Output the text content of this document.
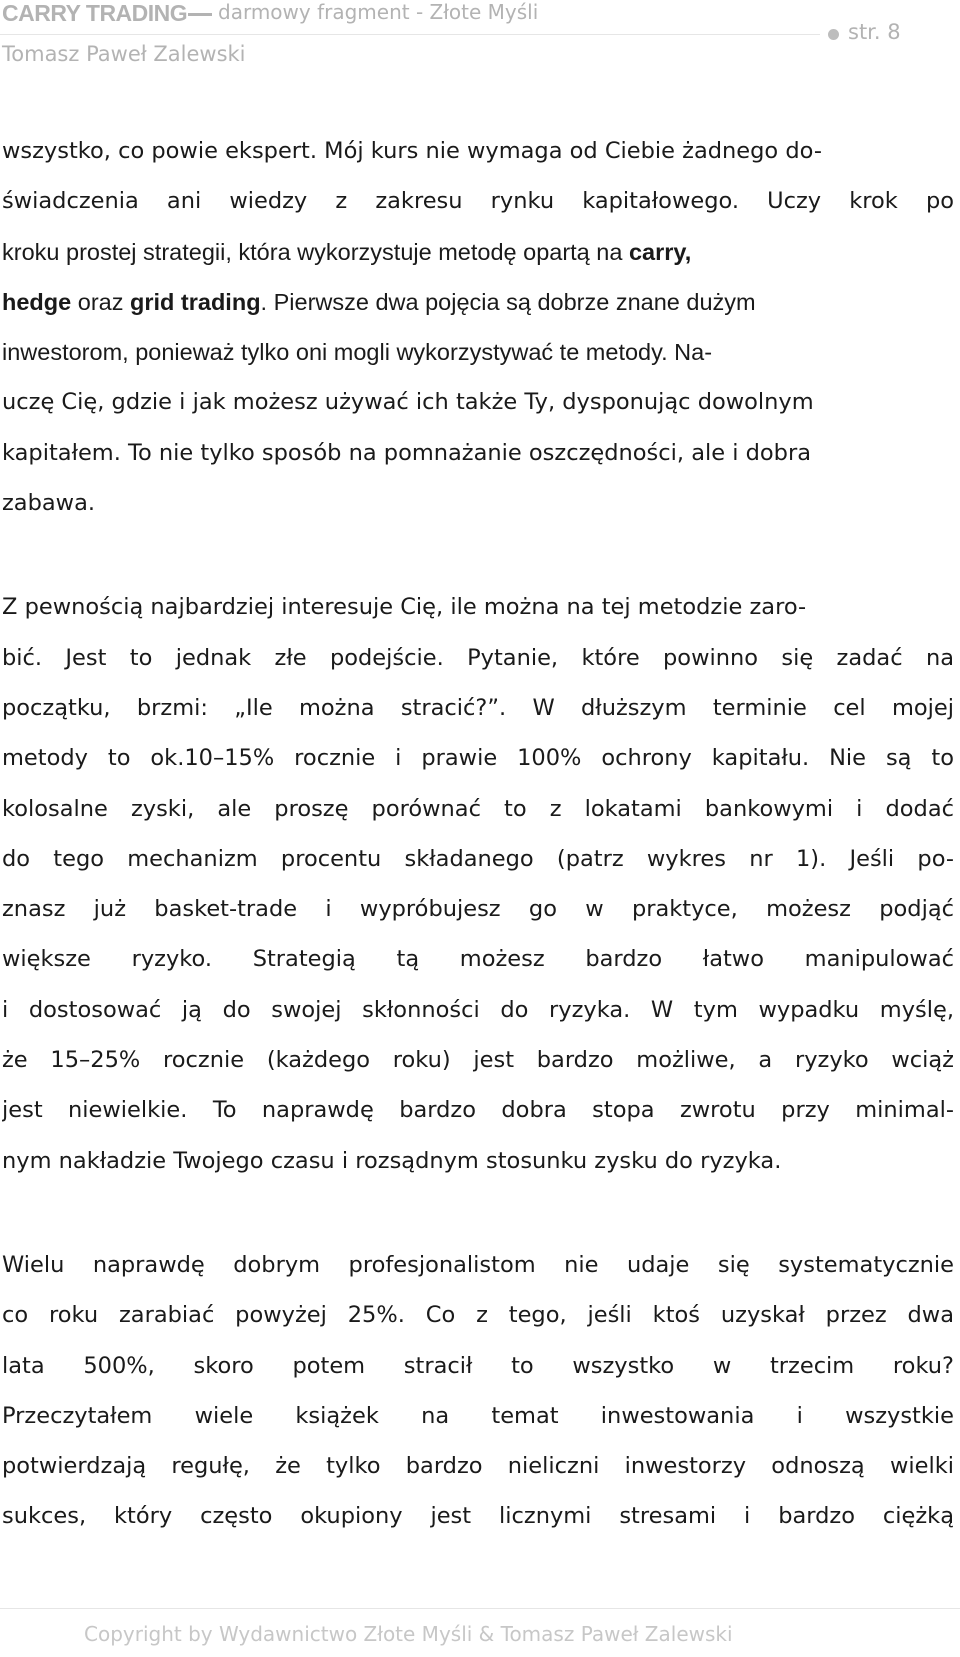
CARRY TRADING darmowy fragment - Złote Myśli
Tomasz Paweł Zalewski
str. 8
wszystko, co powie ekspert. Mój kurs nie wymaga od Ciebie żadnego do-
świadczenia ani wiedzy z zakresu rynku kapitałowego. Uczy krok po
kroku prostej strategii, która wykorzystuje metodę opartą na carry,
hedge oraz grid trading. Pierwsze dwa pojęcia są dobrze znane dużym
inwestorom, ponieważ tylko oni mogli wykorzystywać te metody. Na-
uczę Cię, gdzie i jak możesz używać ich także Ty, dysponując dowolnym
kapitałem. To nie tylko sposób na pomnażanie oszczędności, ale i dobra
zabawa.
Z pewnością najbardziej interesuje Cię, ile można na tej metodzie zaro-
bić. Jest to jednak złe podejście. Pytanie, które powinno się zadać na
początku, brzmi: „Ile można stracić?”. W dłuższym terminie cel mojej
metody to ok.10–15% rocznie i prawie 100% ochrony kapitału. Nie są to
kolosalne zyski, ale proszę porównać to z lokatami bankowymi i dodać
do tego mechanizm procentu składanego (patrz wykres nr 1). Jeśli po-
znasz już basket-trade i wypróbujesz go w praktyce, możesz podjąć
większe ryzyko. Strategią tą możesz bardzo łatwo manipulować
i dostosować ją do swojej skłonności do ryzyka. W tym wypadku myślę,
że 15–25% rocznie (każdego roku) jest bardzo możliwe, a ryzyko wciąż
jest niewielkie. To naprawdę bardzo dobra stopa zwrotu przy minimal-
nym nakładzie Twojego czasu i rozsądnym stosunku zysku do ryzyka.
Wielu naprawdę dobrym profesjonalistom nie udaje się systematycznie
co roku zarabiać powyżej 25%. Co z tego, jeśli ktoś uzyskał przez dwa
lata 500%, skoro potem stracił to wszystko w trzecim roku?
Przeczytałem wiele książek na temat inwestowania i wszystkie
potwierdzają regułę, że tylko bardzo nieliczni inwestorzy odnoszą wielki
sukces, który często okupiony jest licznymi stresami i bardzo ciężką
Copyright by Wydawnictwo Złote Myśli & Tomasz Paweł Zalewski
